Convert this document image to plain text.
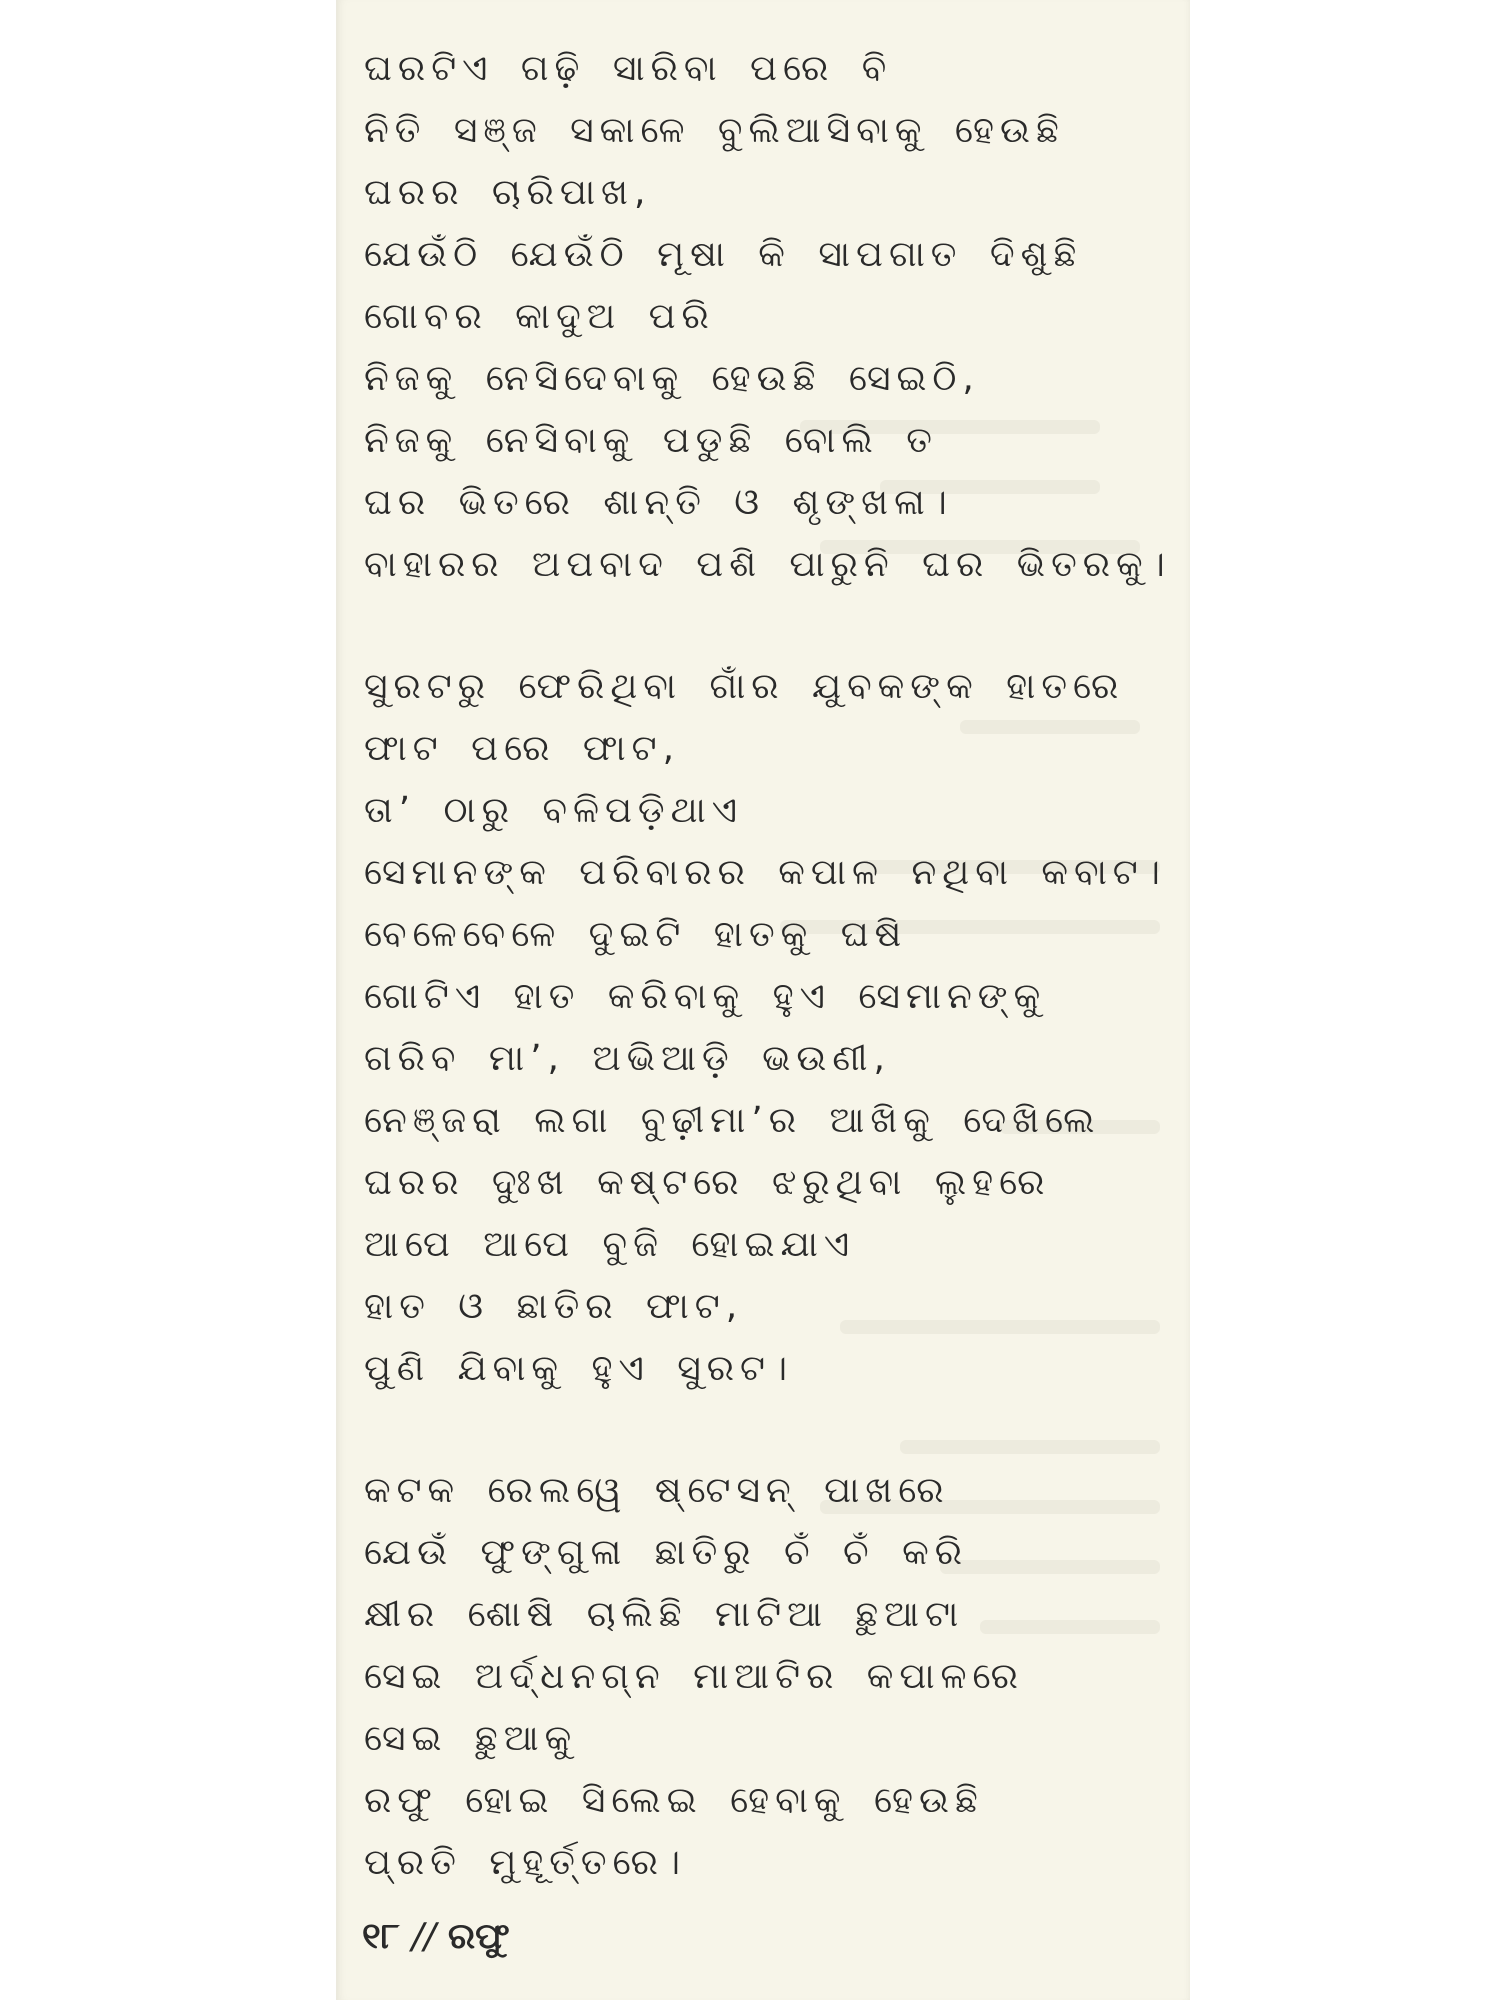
ଘରଟିଏ ଗଢ଼ି ସାରିବା ପରେ ବି
ନିତି ସଞ୍ଜ ସକାଳେ ବୁଲିଆସିବାକୁ ହେଉଛି
ଘରର ଚାରିପାଖ,
ଯେଉଁଠି ଯେଉଁଠି ମୂଷା କି ସାପଗାତ ଦିଶୁଛି
ଗୋବର କାଦୁଅ ପରି
ନିଜକୁ ନେସିଦେବାକୁ ହେଉଛି ସେଇଠି,
ନିଜକୁ ନେସିବାକୁ ପଡୁଛି ବୋଲି ତ
ଘର ଭିତରେ ଶାନ୍ତି ଓ ଶୃଙ୍ଖଳା।
ବାହାରର ଅପବାଦ ପଶି ପାରୁନି ଘର ଭିତରକୁ।
ସୁରଟରୁ ଫେରିଥିବା ଗାଁର ଯୁବକଙ୍କ ହାତରେ
ଫାଟ ପରେ ଫାଟ,
ତା’ ଠାରୁ ବଳିପଡ଼ିଥାଏ
ସେମାନଙ୍କ ପରିବାରର କପାଳ ନଥିବା କବାଟ।
ବେଳେବେଳେ ଦୁଇଟି ହାତକୁ ଘଷି
ଗୋଟିଏ ହାତ କରିବାକୁ ହୁଏ ସେମାନଙ୍କୁ
ଗରିବ ମା’, ଅଭିଆଡ଼ି ଭଉଣୀ,
ନେଞ୍ଜରା ଲଗା ବୁଢ଼ୀମା’ର ଆଖିକୁ ଦେଖିଲେ
ଘରର ଦୁଃଖ କଷ୍ଟରେ ଝରୁଥିବା ଲୁହରେ
ଆପେ ଆପେ ବୁଜି ହୋଇଯାଏ
ହାତ ଓ ଛାତିର ଫାଟ,
ପୁଣି ଯିବାକୁ ହୁଏ ସୁରଟ।
କଟକ ରେଲୱେ ଷ୍ଟେସନ୍ ପାଖରେ
ଯେଉଁ ଫୁଙ୍ଗୁଳା ଛାତିରୁ ଚଁ ଚଁ କରି
କ୍ଷୀର ଶୋଷି ଚାଲିଛି ମାଟିଆ ଛୁଆଟା
ସେଇ ଅର୍ଦ୍ଧନଗ୍ନ ମାଆଟିର କପାଳରେ
ସେଇ ଛୁଆକୁ
ରଫୁ ହୋଇ ସିଲେଇ ହେବାକୁ ହେଉଛି
ପ୍ରତି ମୁହୂର୍ତ୍ତରେ।
୧୮ // ରଫୁ
